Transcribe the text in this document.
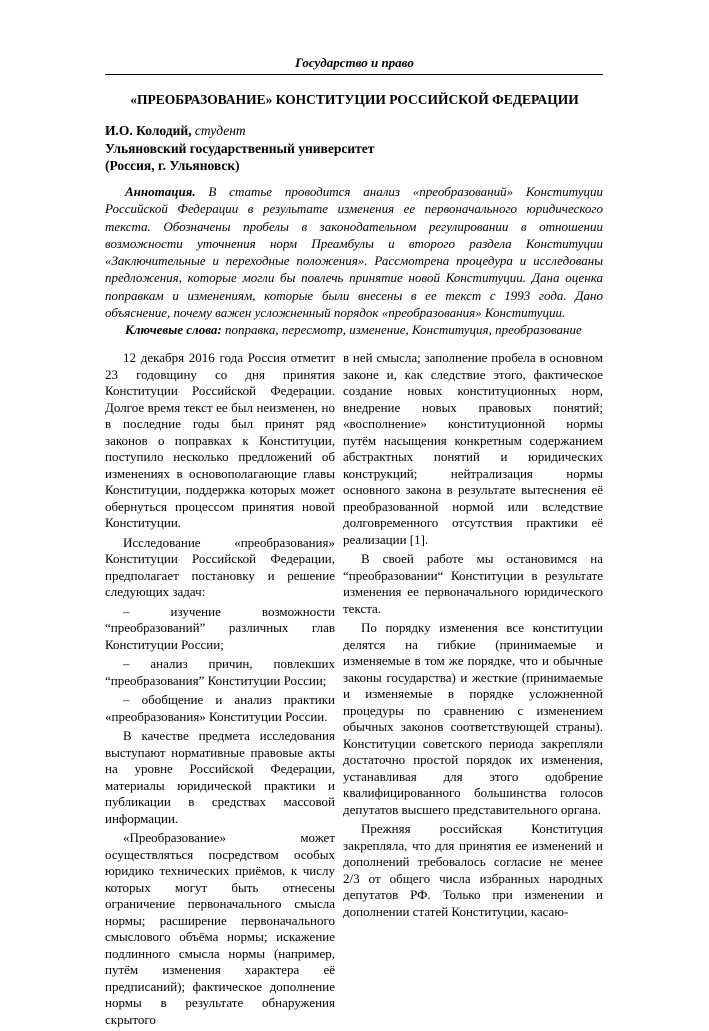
Государство и право
«ПРЕОБРАЗОВАНИЕ» КОНСТИТУЦИИ РОССИЙСКОЙ ФЕДЕРАЦИИ
И.О. Колодий, студент
Ульяновский государственный университет
(Россия, г. Ульяновск)

Аннотация. В статье проводится анализ «преобразований» Конституции Российской Федерации в результате изменения ее первоначального юридического текста. Обозначены пробелы в законодательном регулировании в отношении возможности уточнения норм Преамбулы и второго раздела Конституции «Заключительные и переходные положения». Рассмотрена процедура и исследованы предложения, которые могли бы повлечь принятие новой Конституции. Дана оценка поправкам и изменениям, которые были внесены в ее текст с 1993 года. Дано объяснение, почему важен усложненный порядок «преобразования» Конституции.

Ключевые слова: поправка, пересмотр, изменение, Конституция, преобразование

12 декабря 2016 года Россия отметит 23 годовщину со дня принятия Конституции Российской Федерации. Долгое время текст ее был неизменен, но в последние годы был принят ряд законов о поправках к Конституции, поступило несколько предложений об изменениях в основополагающие главы Конституции, поддержка которых может обернуться процессом принятия новой Конституции.

Исследование «преобразования» Конституции Российской Федерации, предполагает постановку и решение следующих задач:

– изучение возможности “преобразований” различных глав Конституции России;

– анализ причин, повлекших “преобразования” Конституции России;

– обобщение и анализ практики «преобразования» Конституции России.

В качестве предмета исследования выступают нормативные правовые акты на уровне Российской Федерации, материалы юридической практики и публикации в средствах массовой информации.

«Преобразование» может осуществляться посредством особых юридико технических приёмов, к числу которых могут быть отнесены ограничение первоначального смысла нормы; расширение первоначального смыслового объёма нормы; искажение подлинного смысла нормы (например, путём изменения характера её предписаний); фактическое дополнение нормы в результате обнаружения скрытого

в ней смысла; заполнение пробела в основном законе и, как следствие этого, фактическое создание новых конституционных норм, внедрение новых правовых понятий; «восполнение» конституционной нормы путём насыщения конкретным содержанием абстрактных понятий и юридических конструкций; нейтрализация нормы основного закона в результате вытеснения её преобразованной нормой или вследствие долговременного отсутствия практики её реализации [1].

В своей работе мы остановимся на “преобразовании“ Конституции в результате изменения ее первоначального юридического текста.

По порядку изменения все конституции делятся на гибкие (принимаемые и изменяемые в том же порядке, что и обычные законы государства) и жесткие (принимаемые и изменяемые в порядке усложненной процедуры по сравнению с изменением обычных законов соответствующей страны). Конституции советского периода закрепляли достаточно простой порядок их изменения, устанавливая для этого одобрение квалифицированного большинства голосов депутатов высшего представительного органа.

Прежняя российская Конституция закрепляла, что для принятия ее изменений и дополнений требовалось согласие не менее 2/3 от общего числа избранных народных депутатов РФ. Только при изменении и дополнении статей Конституции, касаю-
